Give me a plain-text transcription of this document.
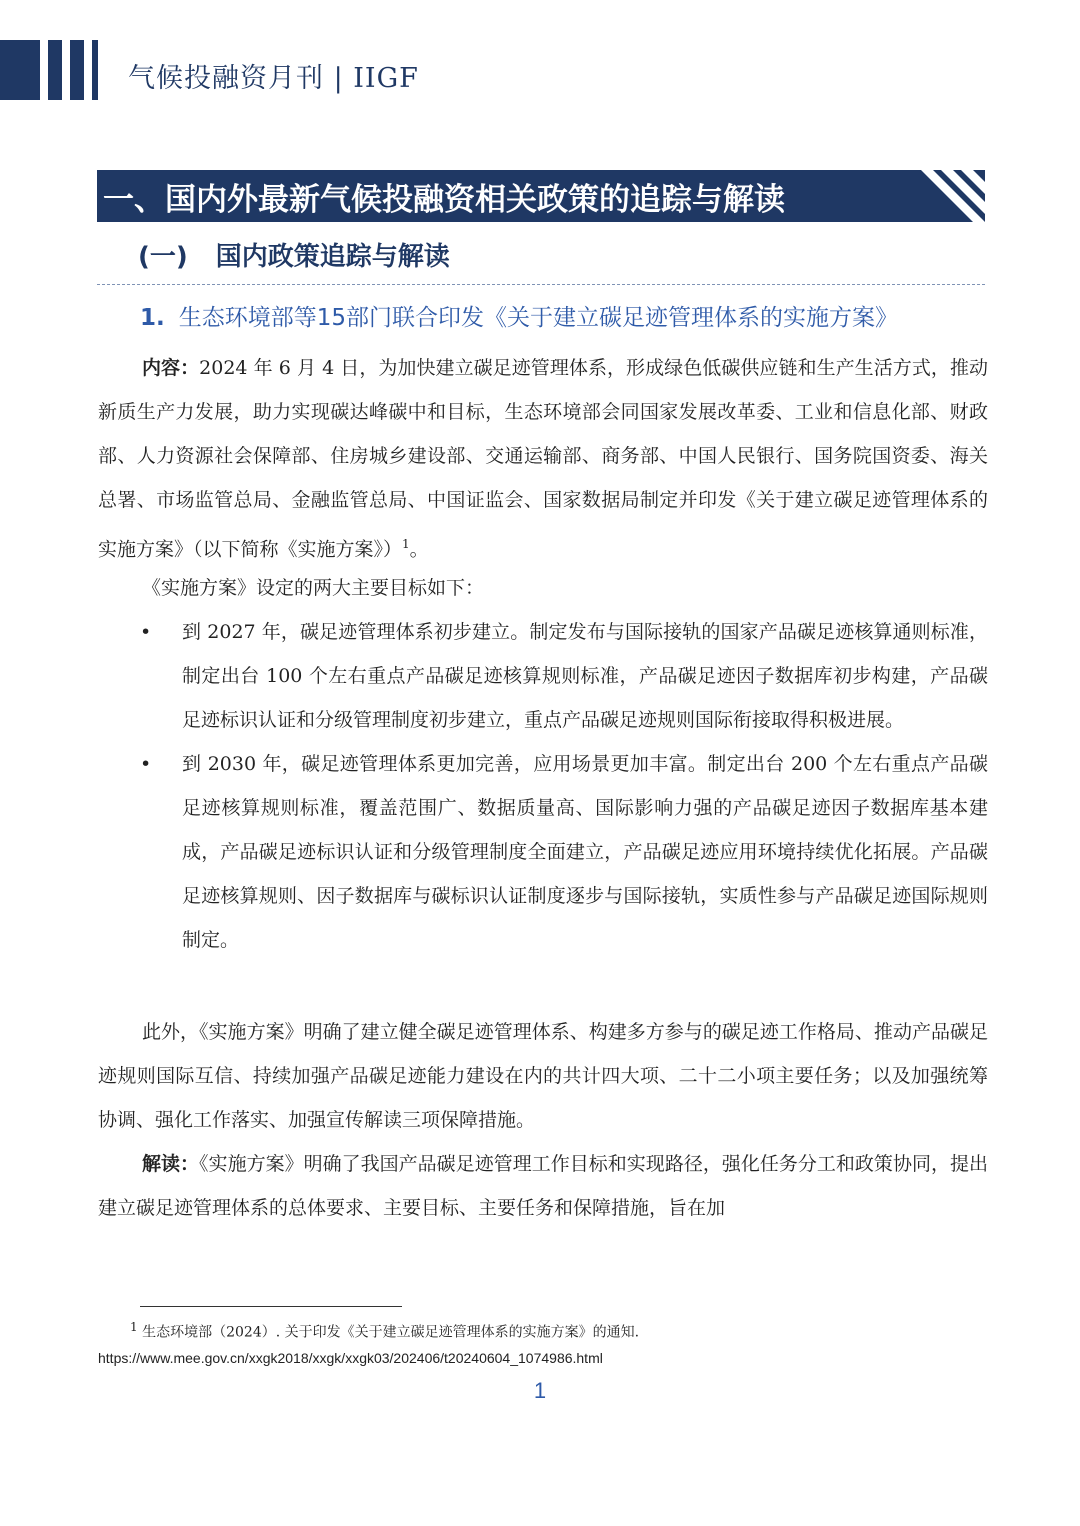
气候投融资月刊 | IIGF
一、国内外最新气候投融资相关政策的追踪与解读
(一) 国内政策追踪与解读
1. 生态环境部等15部门联合印发《关于建立碳足迹管理体系的实施方案》
内容：2024 年 6 月 4 日，为加快建立碳足迹管理体系，形成绿色低碳供应链和生产生活方式，推动新质生产力发展，助力实现碳达峰碳中和目标，生态环境部会同国家发展改革委、工业和信息化部、财政部、人力资源社会保障部、住房城乡建设部、交通运输部、商务部、中国人民银行、国务院国资委、海关总署、市场监管总局、金融监管总局、中国证监会、国家数据局制定并印发《关于建立碳足迹管理体系的实施方案》（以下简称《实施方案》）$^1$。
《实施方案》设定的两大主要目标如下：
• 到 2027 年，碳足迹管理体系初步建立。制定发布与国际接轨的国家产品碳足迹核算通则标准，制定出台 100 个左右重点产品碳足迹核算规则标准，产品碳足迹因子数据库初步构建，产品碳足迹标识认证和分级管理制度初步建立，重点产品碳足迹规则国际衔接取得积极进展。
• 到 2030 年，碳足迹管理体系更加完善，应用场景更加丰富。制定出台 200 个左右重点产品碳足迹核算规则标准，覆盖范围广、数据质量高、国际影响力强的产品碳足迹因子数据库基本建成，产品碳足迹标识认证和分级管理制度全面建立，产品碳足迹应用环境持续优化拓展。产品碳足迹核算规则、因子数据库与碳标识认证制度逐步与国际接轨，实质性参与产品碳足迹国际规则制定。
此外，《实施方案》明确了建立健全碳足迹管理体系、构建多方参与的碳足迹工作格局、推动产品碳足迹规则国际互信、持续加强产品碳足迹能力建设在内的共计四大项、二十二小项主要任务；以及加强统筹协调、强化工作落实、加强宣传解读三项保障措施。
解读：《实施方案》明确了我国产品碳足迹管理工作目标和实现路径，强化任务分工和政策协同，提出建立碳足迹管理体系的总体要求、主要目标、主要任务和保障措施，旨在加
$^1$ 生态环境部（2024）. 关于印发《关于建立碳足迹管理体系的实施方案》的通知.
https://www.mee.gov.cn/xxgk2018/xxgk/xxgk03/202406/t20240604_1074986.html
1
